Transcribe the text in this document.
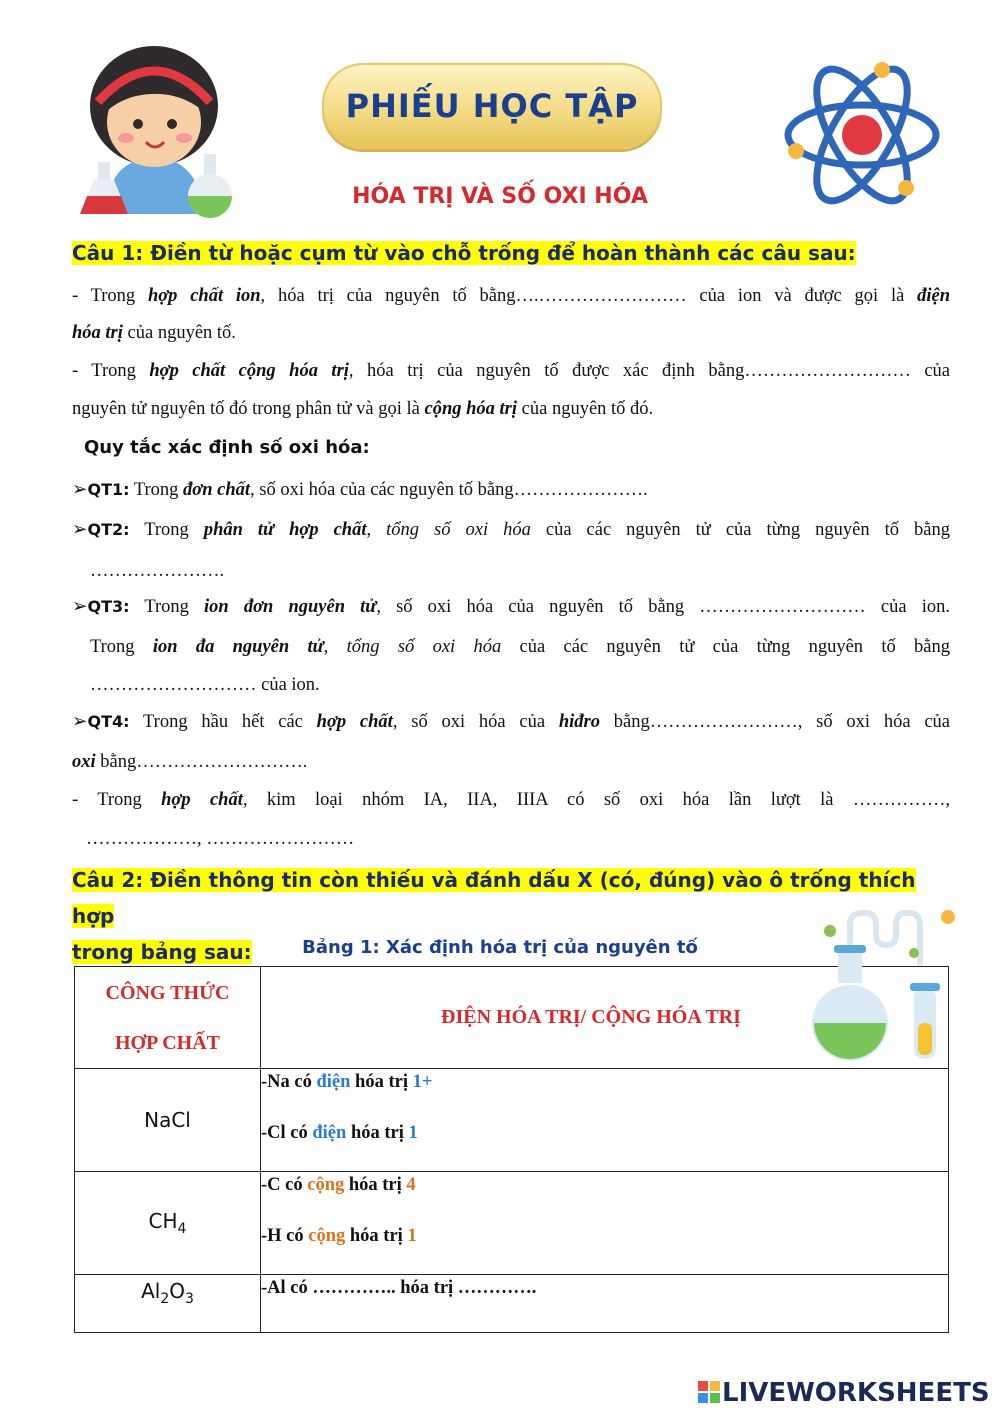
PHIẾU HỌC TẬP
HÓA TRỊ VÀ SỐ OXI HÓA
Câu 1: Điền từ hoặc cụm từ vào chỗ trống để hoàn thành các câu sau:
- Trong hợp chất ion, hóa trị của nguyên tố bằng….…………………… của ion và được gọi là điện
hóa trị của nguyên tố.
- Trong hợp chất cộng hóa trị, hóa trị của nguyên tố được xác định bằng……………………… của
nguyên tử nguyên tố đó trong phân tử và gọi là cộng hóa trị của nguyên tố đó.
Quy tắc xác định số oxi hóa:
➢QT1: Trong đơn chất, số oxi hóa của các nguyên tố bằng………………….
➢QT2: Trong phân tử hợp chất, tổng số oxi hóa của các nguyên tử của từng nguyên tố bằng
………………….
➢QT3: Trong ion đơn nguyên tử, số oxi hóa của nguyên tố bằng ……………………… của ion.
Trong ion đa nguyên tử, tổng số oxi hóa của các nguyên tử của từng nguyên tố bằng
……………………… của ion.
➢QT4: Trong hầu hết các hợp chất, số oxi hóa của hiđro bằng……………………, số oxi hóa của
oxi bằng……………………….
- Trong hợp chất, kim loại nhóm IA, IIA, IIIA có số oxi hóa lần lượt là ……………,
………………, ……………………
Câu 2: Điền thông tin còn thiếu và đánh dấu X (có, đúng) vào ô trống thích hợp
trong bảng sau:	Bảng 1: Xác định hóa trị của nguyên tố
CÔNG THỨC
HỢP CHẤT	ĐIỆN HÓA TRỊ/ CỘNG HÓA TRỊ
NaCl	-Na có điện hóa trị 1+
-Cl có điện hóa trị 1

$CH_4$	-C có cộng hóa trị 4
-H có cộng hóa trị 1

$Al_2O_3$	-Al có ………….. hóa trị ………….
LIVEWORKSHEETS
